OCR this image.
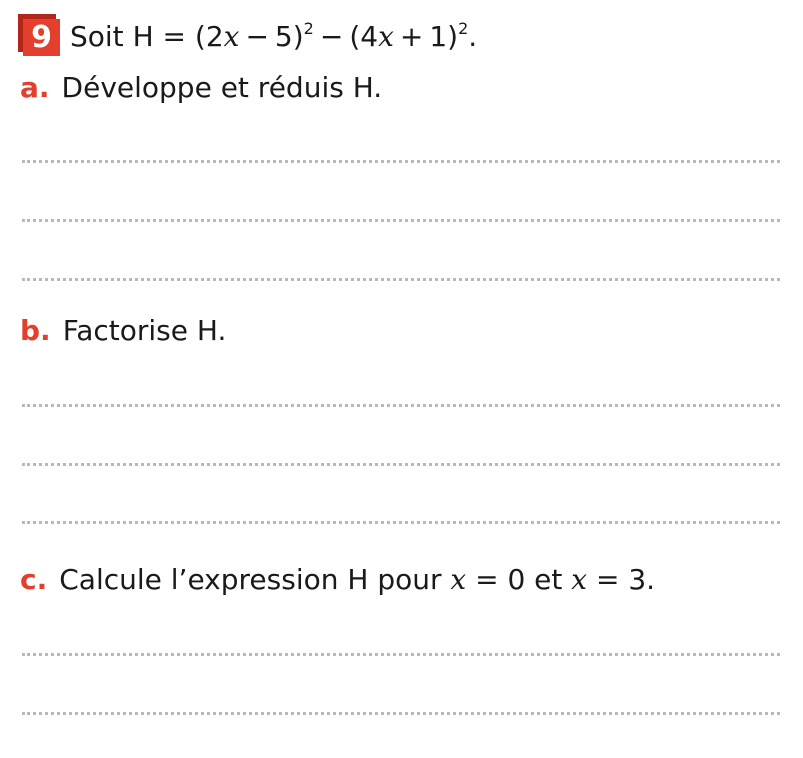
9 Soit $H = (2x - 5)^2 - (4x + 1)^2$.
a. Développe et réduis H.
b. Factorise H.
c. Calcule l’expression H pour x = 0 et x = 3.
